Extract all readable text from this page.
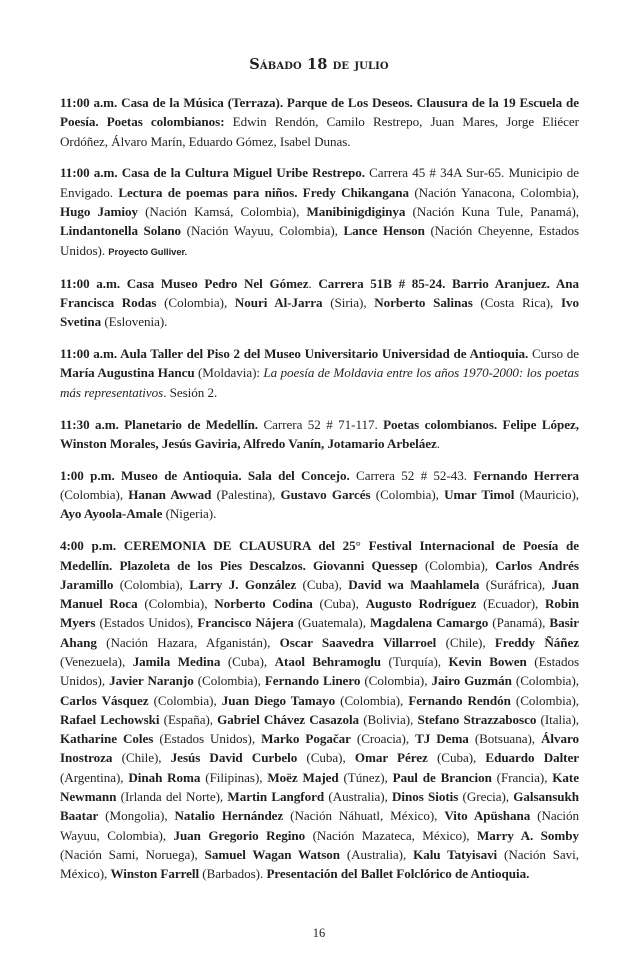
Sábado 18 de julio

11:00 a.m. Casa de la Música (Terraza). Parque de Los Deseos. Clausura de la 19 Escuela de Poesía. Poetas colombianos: Edwin Rendón, Camilo Restrepo, Juan Mares, Jorge Eliécer Ordóñez, Álvaro Marín, Eduardo Gómez, Isabel Dunas.

11:00 a.m. Casa de la Cultura Miguel Uribe Restrepo. Carrera 45 # 34A Sur-65. Municipio de Envigado. Lectura de poemas para niños. Fredy Chikangana (Nación Yanacona, Colombia), Hugo Jamioy (Nación Kamsá, Colombia), Manibinigdiginya (Nación Kuna Tule, Panamá), Lindantonella Solano (Nación Wayuu, Colombia), Lance Henson (Nación Cheyenne, Estados Unidos). Proyecto Gulliver.

11:00 a.m. Casa Museo Pedro Nel Gómez. Carrera 51B # 85-24. Barrio Aranjuez. Ana Francisca Rodas (Colombia), Nouri Al-Jarra (Siria), Norberto Salinas (Costa Rica), Ivo Svetina (Eslovenia).

11:00 a.m. Aula Taller del Piso 2 del Museo Universitario Universidad de Antioquia. Curso de María Augustina Hancu (Moldavia): La poesía de Moldavia entre los años 1970-2000: los poetas más representativos. Sesión 2.

11:30 a.m. Planetario de Medellín. Carrera 52 # 71-117. Poetas colombianos. Felipe López, Winston Morales, Jesús Gaviria, Alfredo Vanín, Jotamario Arbeláez.

1:00 p.m. Museo de Antioquia. Sala del Concejo. Carrera 52 # 52-43. Fernando Herrera (Colombia), Hanan Awwad (Palestina), Gustavo Garcés (Colombia), Umar Timol (Mauricio), Ayo Ayoola-Amale (Nigeria).

4:00 p.m. CEREMONIA DE CLAUSURA del 25° Festival Internacional de Poesía de Medellín. Plazoleta de los Pies Descalzos. Giovanni Quessep (Colombia), Carlos Andrés Jaramillo (Colombia), Larry J. González (Cuba), David wa Maahlamela (Suráfrica), Juan Manuel Roca (Colombia), Norberto Codina (Cuba), Augusto Rodríguez (Ecuador), Robin Myers (Estados Unidos), Francisco Nájera (Guatemala), Magdalena Camargo (Panamá), Basir Ahang (Nación Hazara, Afganistán), Oscar Saavedra Villarroel (Chile), Freddy Ñáñez (Venezuela), Jamila Medina (Cuba), Ataol Behramoglu (Turquía), Kevin Bowen (Estados Unidos), Javier Naranjo (Colombia), Fernando Linero (Colombia), Jairo Guzmán (Colombia), Carlos Vásquez (Colombia), Juan Diego Tamayo (Colombia), Fernando Rendón (Colombia), Rafael Lechowski (España), Gabriel Chávez Casazola (Bolivia), Stefano Strazzabosco (Italia), Katharine Coles (Estados Unidos), Marko Pogačar (Croacia), TJ Dema (Botsuana), Álvaro Inostroza (Chile), Jesús David Curbelo (Cuba), Omar Pérez (Cuba), Eduardo Dalter (Argentina), Dinah Roma (Filipinas), Moëz Majed (Túnez), Paul de Brancion (Francia), Kate Newmann (Irlanda del Norte), Martin Langford (Australia), Dinos Siotis (Grecia), Galsansukh Baatar (Mongolia), Natalio Hernández (Nación Náhuatl, México), Vito Apüshana (Nación Wayuu, Colombia), Juan Gregorio Regino (Nación Mazateca, México), Marry A. Somby (Nación Sami, Noruega), Samuel Wagan Watson (Australia), Kalu Tatyisavi (Nación Savi, México), Winston Farrell (Barbados). Presentación del Ballet Folclórico de Antioquia.

16
